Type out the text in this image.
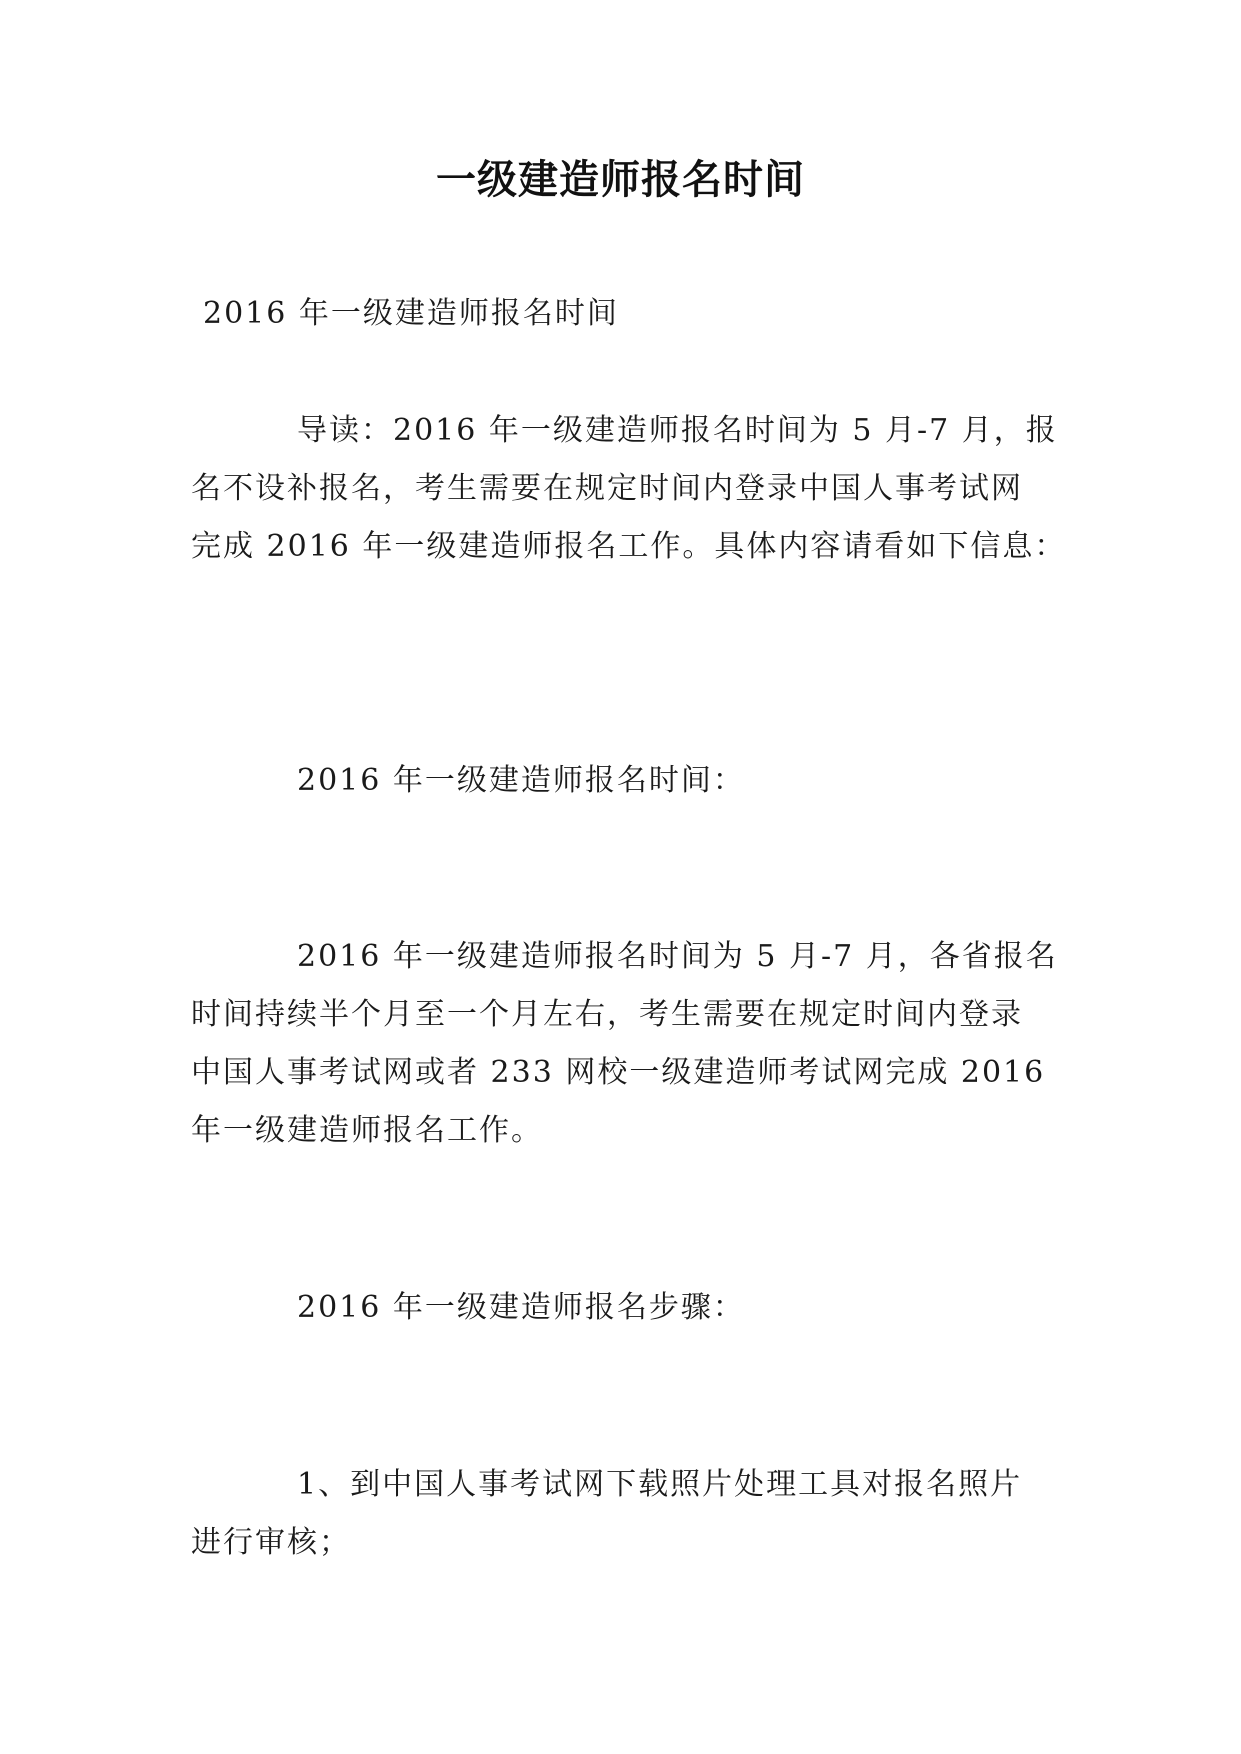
一级建造师报名时间
2016 年一级建造师报名时间
导读：2016 年一级建造师报名时间为 5 月-7 月，报
名不设补报名，考生需要在规定时间内登录中国人事考试网
完成 2016 年一级建造师报名工作。具体内容请看如下信息：
2016 年一级建造师报名时间：
2016 年一级建造师报名时间为 5 月-7 月，各省报名
时间持续半个月至一个月左右，考生需要在规定时间内登录
中国人事考试网或者 233 网校一级建造师考试网完成 2016
年一级建造师报名工作。
2016 年一级建造师报名步骤：
1、到中国人事考试网下载照片处理工具对报名照片
进行审核；
